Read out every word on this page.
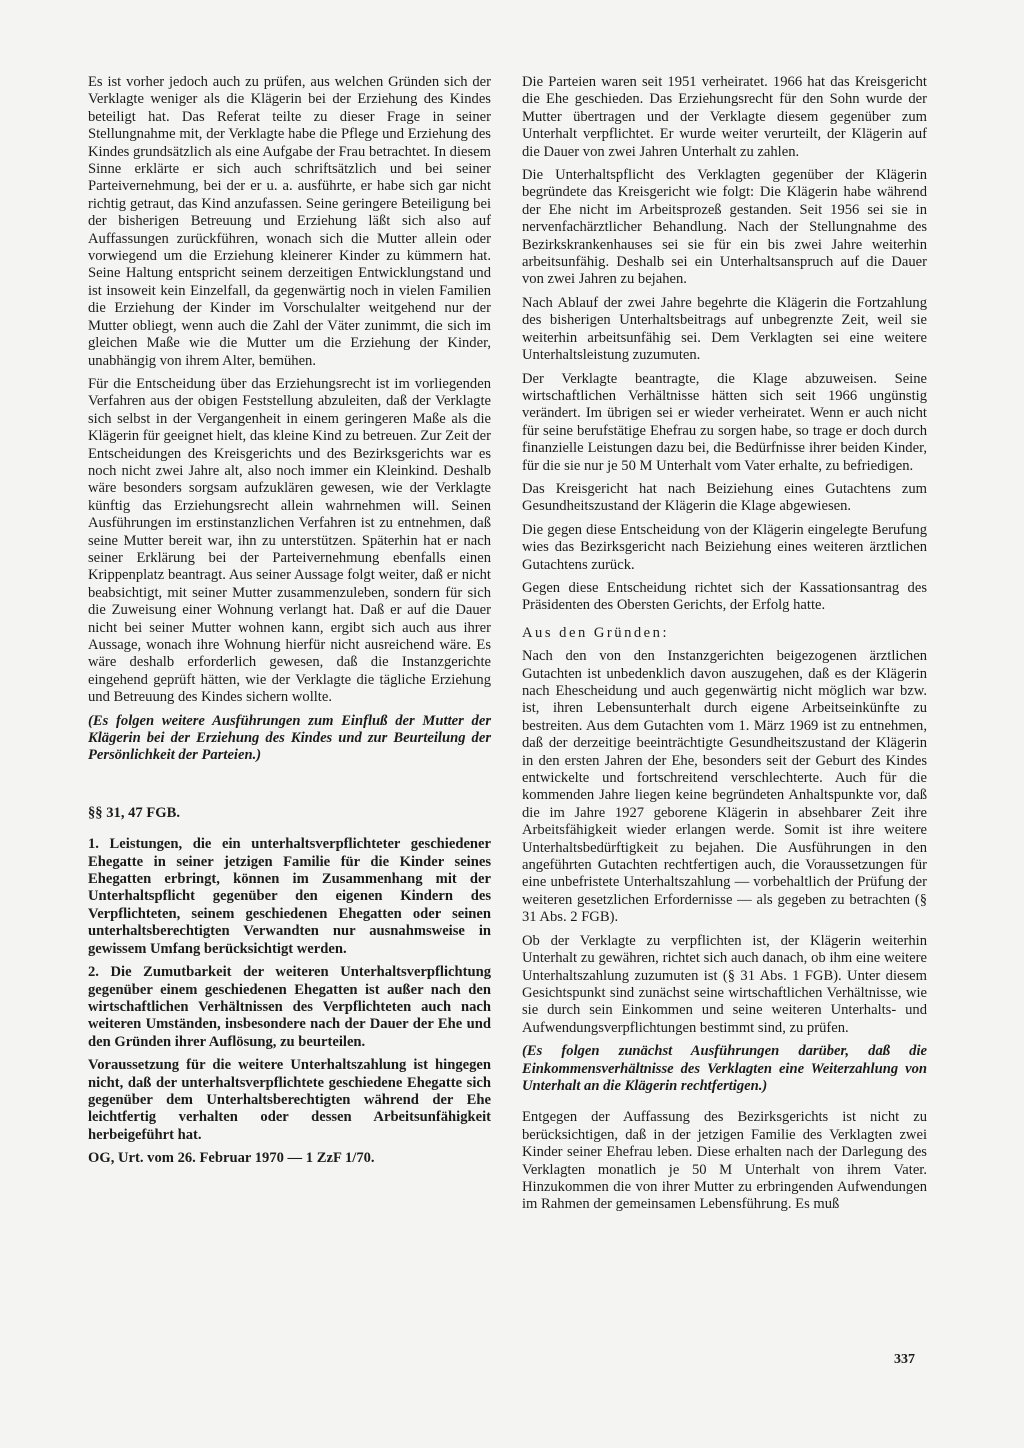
Es ist vorher jedoch auch zu prüfen, aus welchen Gründen sich der Verklagte weniger als die Klägerin bei der Erziehung des Kindes beteiligt hat. Das Referat teilte zu dieser Frage in seiner Stellungnahme mit, der Verklagte habe die Pflege und Erziehung des Kindes grundsätzlich als eine Aufgabe der Frau betrachtet. In diesem Sinne erklärte er sich auch schriftsätzlich und bei seiner Parteivernehmung, bei der er u. a. ausführte, er habe sich gar nicht richtig getraut, das Kind anzufassen. Seine geringere Beteiligung bei der bisherigen Betreuung und Erziehung läßt sich also auf Auffassungen zurückführen, wonach sich die Mutter allein oder vorwiegend um die Erziehung kleinerer Kinder zu kümmern hat. Seine Haltung entspricht seinem derzeitigen Entwicklungstand und ist insoweit kein Einzelfall, da gegenwärtig noch in vielen Familien die Erziehung der Kinder im Vorschulalter weitgehend nur der Mutter obliegt, wenn auch die Zahl der Väter zunimmt, die sich im gleichen Maße wie die Mutter um die Erziehung der Kinder, unabhängig von ihrem Alter, bemühen.

Für die Entscheidung über das Erziehungsrecht ist im vorliegenden Verfahren aus der obigen Feststellung abzuleiten, daß der Verklagte sich selbst in der Vergangenheit in einem geringeren Maße als die Klägerin für geeignet hielt, das kleine Kind zu betreuen. Zur Zeit der Entscheidungen des Kreisgerichts und des Bezirksgerichts war es noch nicht zwei Jahre alt, also noch immer ein Kleinkind. Deshalb wäre besonders sorgsam aufzuklären gewesen, wie der Verklagte künftig das Erziehungsrecht allein wahrnehmen will. Seinen Ausführungen im erstinstanzlichen Verfahren ist zu entnehmen, daß seine Mutter bereit war, ihn zu unterstützen. Späterhin hat er nach seiner Erklärung bei der Parteivernehmung ebenfalls einen Krippenplatz beantragt. Aus seiner Aussage folgt weiter, daß er nicht beabsichtigt, mit seiner Mutter zusammenzuleben, sondern für sich die Zuweisung einer Wohnung verlangt hat. Daß er auf die Dauer nicht bei seiner Mutter wohnen kann, ergibt sich auch aus ihrer Aussage, wonach ihre Wohnung hierfür nicht ausreichend wäre. Es wäre deshalb erforderlich gewesen, daß die Instanzgerichte eingehend geprüft hätten, wie der Verklagte die tägliche Erziehung und Betreuung des Kindes sichern wollte.

(Es folgen weitere Ausführungen zum Einfluß der Mutter der Klägerin bei der Erziehung des Kindes und zur Beurteilung der Persönlichkeit der Parteien.)

§§ 31, 47 FGB.

1. Leistungen, die ein unterhaltsverpflichteter geschiedener Ehegatte in seiner jetzigen Familie für die Kinder seines Ehegatten erbringt, können im Zusammenhang mit der Unterhaltspflicht gegenüber den eigenen Kindern des Verpflichteten, seinem geschiedenen Ehegatten oder seinen unterhaltsberechtigten Verwandten nur ausnahmsweise in gewissem Umfang berücksichtigt werden.

2. Die Zumutbarkeit der weiteren Unterhaltsverpflichtung gegenüber einem geschiedenen Ehegatten ist außer nach den wirtschaftlichen Verhältnissen des Verpflichteten auch nach weiteren Umständen, insbesondere nach der Dauer der Ehe und den Gründen ihrer Auflösung, zu beurteilen.

Voraussetzung für die weitere Unterhaltszahlung ist hingegen nicht, daß der unterhaltsverpflichtete geschiedene Ehegatte sich gegenüber dem Unterhaltsberechtigten während der Ehe leichtfertig verhalten oder dessen Arbeitsunfähigkeit herbeigeführt hat.

OG, Urt. vom 26. Februar 1970 — 1 ZzF 1/70.

Die Parteien waren seit 1951 verheiratet. 1966 hat das Kreisgericht die Ehe geschieden. Das Erziehungsrecht für den Sohn wurde der Mutter übertragen und der Verklagte diesem gegenüber zum Unterhalt verpflichtet. Er wurde weiter verurteilt, der Klägerin auf die Dauer von zwei Jahren Unterhalt zu zahlen.

Die Unterhaltspflicht des Verklagten gegenüber der Klägerin begründete das Kreisgericht wie folgt: Die Klägerin habe während der Ehe nicht im Arbeitsprozeß gestanden. Seit 1956 sei sie in nervenfachärztlicher Behandlung. Nach der Stellungnahme des Bezirkskrankenhauses sei sie für ein bis zwei Jahre weiterhin arbeitsunfähig. Deshalb sei ein Unterhaltsanspruch auf die Dauer von zwei Jahren zu bejahen.

Nach Ablauf der zwei Jahre begehrte die Klägerin die Fortzahlung des bisherigen Unterhaltsbeitrags auf unbegrenzte Zeit, weil sie weiterhin arbeitsunfähig sei. Dem Verklagten sei eine weitere Unterhaltsleistung zuzumuten.

Der Verklagte beantragte, die Klage abzuweisen. Seine wirtschaftlichen Verhältnisse hätten sich seit 1966 ungünstig verändert. Im übrigen sei er wieder verheiratet. Wenn er auch nicht für seine berufstätige Ehefrau zu sorgen habe, so trage er doch durch finanzielle Leistungen dazu bei, die Bedürfnisse ihrer beiden Kinder, für die sie nur je 50 M Unterhalt vom Vater erhalte, zu befriedigen.

Das Kreisgericht hat nach Beiziehung eines Gutachtens zum Gesundheitszustand der Klägerin die Klage abgewiesen.

Die gegen diese Entscheidung von der Klägerin eingelegte Berufung wies das Bezirksgericht nach Beiziehung eines weiteren ärztlichen Gutachtens zurück.

Gegen diese Entscheidung richtet sich der Kassationsantrag des Präsidenten des Obersten Gerichts, der Erfolg hatte.

Aus den Gründen:

Nach den von den Instanzgerichten beigezogenen ärztlichen Gutachten ist unbedenklich davon auszugehen, daß es der Klägerin nach Ehescheidung und auch gegenwärtig nicht möglich war bzw. ist, ihren Lebensunterhalt durch eigene Arbeitseinkünfte zu bestreiten. Aus dem Gutachten vom 1. März 1969 ist zu entnehmen, daß der derzeitige beeinträchtigte Gesundheitszustand der Klägerin in den ersten Jahren der Ehe, besonders seit der Geburt des Kindes entwickelte und fortschreitend verschlechterte. Auch für die kommenden Jahre liegen keine begründeten Anhaltspunkte vor, daß die im Jahre 1927 geborene Klägerin in absehbarer Zeit ihre Arbeitsfähigkeit wieder erlangen werde. Somit ist ihre weitere Unterhaltsbedürftigkeit zu bejahen. Die Ausführungen in den angeführten Gutachten rechtfertigen auch, die Voraussetzungen für eine unbefristete Unterhaltszahlung — vorbehaltlich der Prüfung der weiteren gesetzlichen Erfordernisse — als gegeben zu betrachten (§ 31 Abs. 2 FGB).

Ob der Verklagte zu verpflichten ist, der Klägerin weiterhin Unterhalt zu gewähren, richtet sich auch danach, ob ihm eine weitere Unterhaltszahlung zuzumuten ist (§ 31 Abs. 1 FGB). Unter diesem Gesichtspunkt sind zunächst seine wirtschaftlichen Verhältnisse, wie sie durch sein Einkommen und seine weiteren Unterhalts- und Aufwendungsverpflichtungen bestimmt sind, zu prüfen.

(Es folgen zunächst Ausführungen darüber, daß die Einkommensverhältnisse des Verklagten eine Weiterzahlung von Unterhalt an die Klägerin rechtfertigen.)

Entgegen der Auffassung des Bezirksgerichts ist nicht zu berücksichtigen, daß in der jetzigen Familie des Verklagten zwei Kinder seiner Ehefrau leben. Diese erhalten nach der Darlegung des Verklagten monatlich je 50 M Unterhalt von ihrem Vater. Hinzukommen die von ihrer Mutter zu erbringenden Aufwendungen im Rahmen der gemeinsamen Lebensführung. Es muß

337
